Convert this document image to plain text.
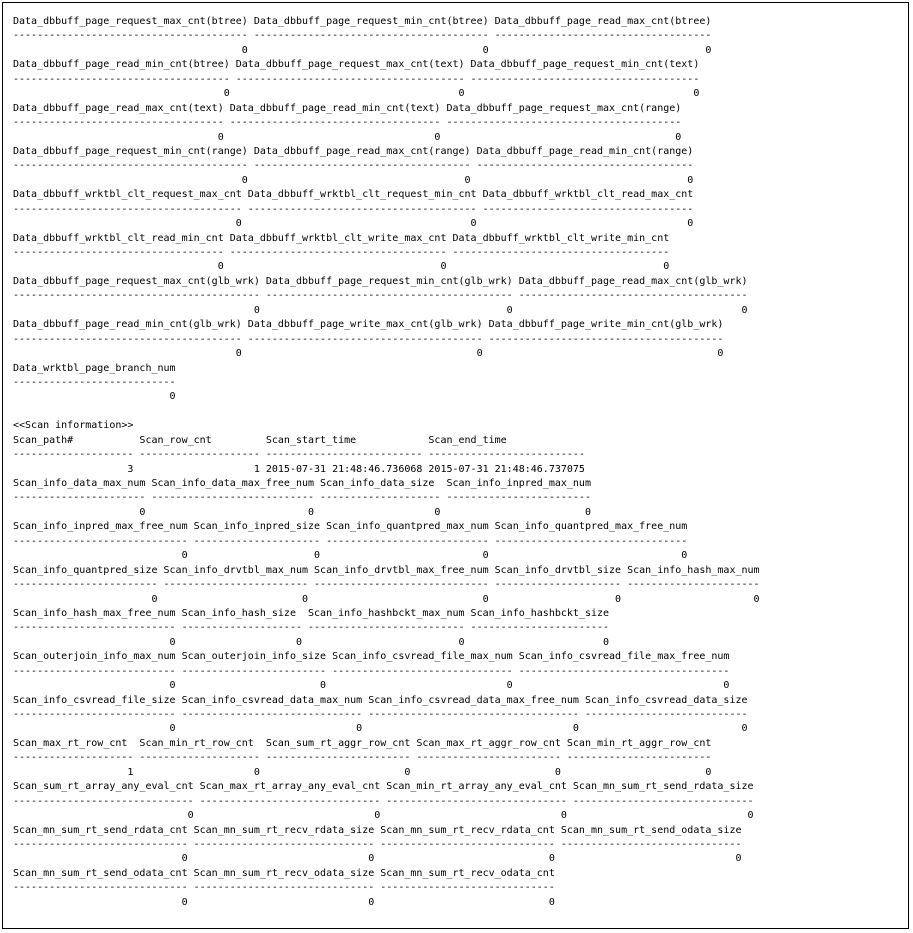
Data_dbbuff_page_request_max_cnt(btree) Data_dbbuff_page_request_min_cnt(btree) Data_dbbuff_page_read_max_cnt(btree)
--------------------------------------- --------------------------------------- ------------------------------------
0                                       0                                    0
Data_dbbuff_page_read_min_cnt(btree) Data_dbbuff_page_request_max_cnt(text) Data_dbbuff_page_request_min_cnt(text)
------------------------------------ -------------------------------------- --------------------------------------
0                                      0                                      0
Data_dbbuff_page_read_max_cnt(text) Data_dbbuff_page_read_min_cnt(text) Data_dbbuff_page_request_max_cnt(range)
----------------------------------- ----------------------------------- ---------------------------------------
0                                   0                                       0
Data_dbbuff_page_request_min_cnt(range) Data_dbbuff_page_read_max_cnt(range) Data_dbbuff_page_read_min_cnt(range)
--------------------------------------- ------------------------------------ ------------------------------------
0                                    0                                    0
Data_dbbuff_wrktbl_clt_request_max_cnt Data_dbbuff_wrktbl_clt_request_min_cnt Data_dbbuff_wrktbl_clt_read_max_cnt
-------------------------------------- -------------------------------------- -----------------------------------
0                                      0                                   0
Data_dbbuff_wrktbl_clt_read_min_cnt Data_dbbuff_wrktbl_clt_write_max_cnt Data_dbbuff_wrktbl_clt_write_min_cnt
----------------------------------- ------------------------------------ ------------------------------------
0                                    0                                    0
Data_dbbuff_page_request_max_cnt(glb_wrk) Data_dbbuff_page_request_min_cnt(glb_wrk) Data_dbbuff_page_read_max_cnt(glb_wrk)
----------------------------------------- ----------------------------------------- --------------------------------------
0                                         0                                      0
Data_dbbuff_page_read_min_cnt(glb_wrk) Data_dbbuff_page_write_max_cnt(glb_wrk) Data_dbbuff_page_write_min_cnt(glb_wrk)
-------------------------------------- --------------------------------------- ---------------------------------------
0                                       0                                       0
Data_wrktbl_page_branch_num
---------------------------
0
<<Scan information>>
Scan_path#           Scan_row_cnt         Scan_start_time            Scan_end_time
-------------------- -------------------- -------------------------- --------------------------
3                    1 2015-07-31 21:48:46.736068 2015-07-31 21:48:46.737075
Scan_info_data_max_num Scan_info_data_max_free_num Scan_info_data_size  Scan_info_inpred_max_num
---------------------- --------------------------- -------------------- ------------------------
0                           0                    0                        0
Scan_info_inpred_max_free_num Scan_info_inpred_size Scan_info_quantpred_max_num Scan_info_quantpred_max_free_num
----------------------------- --------------------- --------------------------- --------------------------------
0                     0                           0                                0
Scan_info_quantpred_size Scan_info_drvtbl_max_num Scan_info_drvtbl_max_free_num Scan_info_drvtbl_size Scan_info_hash_max_num
------------------------ ------------------------ ----------------------------- --------------------- ----------------------
0                        0                             0                     0                      0
Scan_info_hash_max_free_num Scan_info_hash_size  Scan_info_hashbckt_max_num Scan_info_hashbckt_size
--------------------------- -------------------- -------------------------- -----------------------
0                    0                          0                       0
Scan_outerjoin_info_max_num Scan_outerjoin_info_size Scan_info_csvread_file_max_num Scan_info_csvread_file_max_free_num
--------------------------- ------------------------ ------------------------------ -----------------------------------
0                        0                              0                                   0
Scan_info_csvread_file_size Scan_info_csvread_data_max_num Scan_info_csvread_data_max_free_num Scan_info_csvread_data_size
--------------------------- ------------------------------ ----------------------------------- ---------------------------
0                              0                                   0                           0
Scan_max_rt_row_cnt  Scan_min_rt_row_cnt  Scan_sum_rt_aggr_row_cnt Scan_max_rt_aggr_row_cnt Scan_min_rt_aggr_row_cnt
-------------------- -------------------- ------------------------ ------------------------ ------------------------
1                    0                        0                        0                        0
Scan_sum_rt_array_any_eval_cnt Scan_max_rt_array_any_eval_cnt Scan_min_rt_array_any_eval_cnt Scan_mn_sum_rt_send_rdata_size
------------------------------ ------------------------------ ------------------------------ ------------------------------
0                              0                              0                              0
Scan_mn_sum_rt_send_rdata_cnt Scan_mn_sum_rt_recv_rdata_size Scan_mn_sum_rt_recv_rdata_cnt Scan_mn_sum_rt_send_odata_size
----------------------------- ------------------------------ ----------------------------- ------------------------------
0                              0                             0                              0
Scan_mn_sum_rt_send_odata_cnt Scan_mn_sum_rt_recv_odata_size Scan_mn_sum_rt_recv_odata_cnt
----------------------------- ------------------------------ -----------------------------
0                              0                             0
